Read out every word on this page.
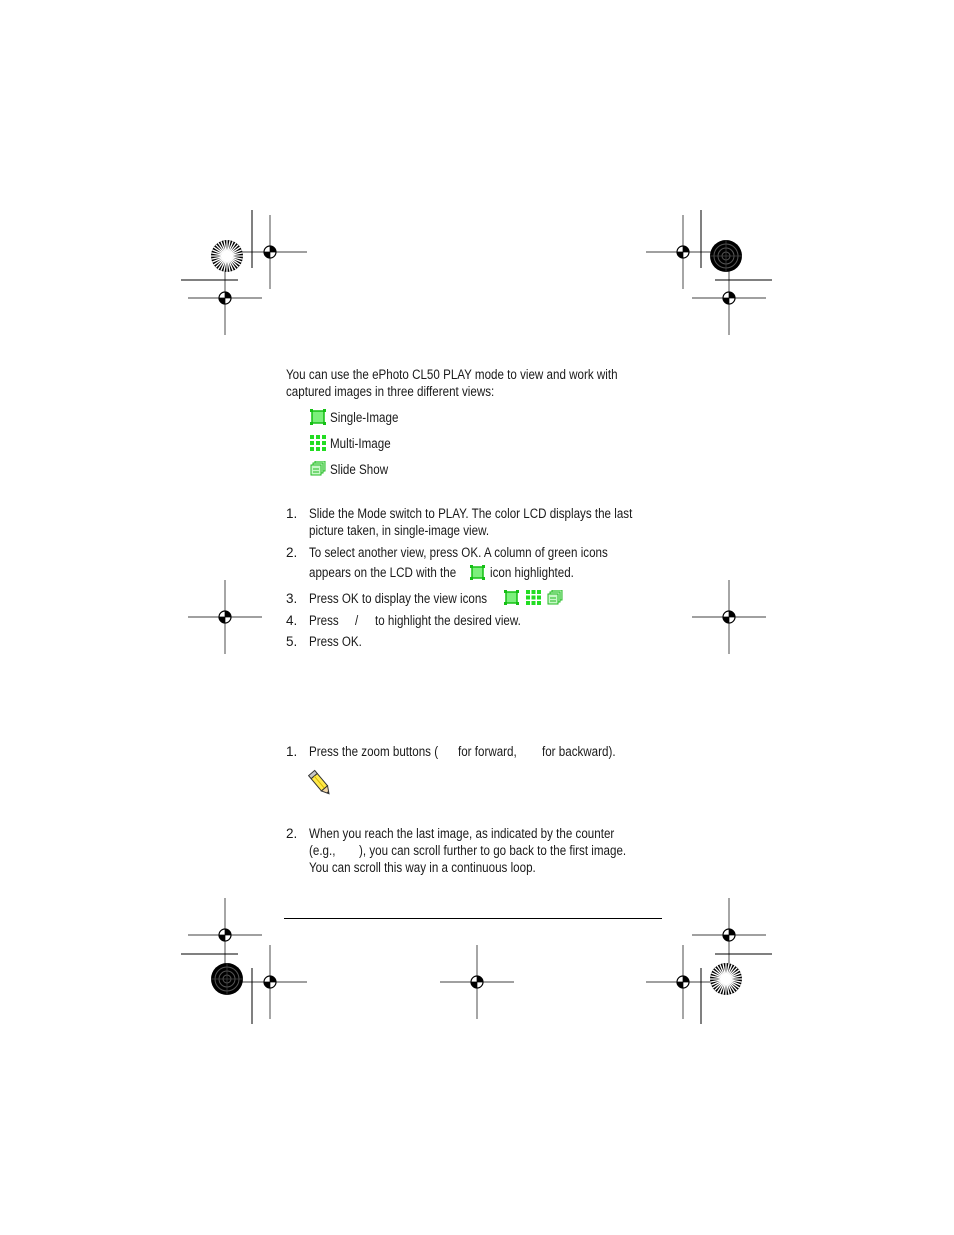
You can use the ePhoto CL50 PLAY mode to view and work with
captured images in three different views:
Single-Image
Multi-Image
Slide Show
1. Slide the Mode switch to PLAY. The color LCD displays the last
picture taken, in single-image view.
2. To select another view, press OK. A column of green icons
appears on the LCD with the	icon highlighted.
3. Press OK to display the view icons
4. Press / to highlight the desired view.
5. Press OK.
1. Press the zoom buttons ( for forward, for backward).
2. When you reach the last image, as indicated by the counter
(e.g., ), you can scroll further to go back to the first image.
You can scroll this way in a continuous loop.
